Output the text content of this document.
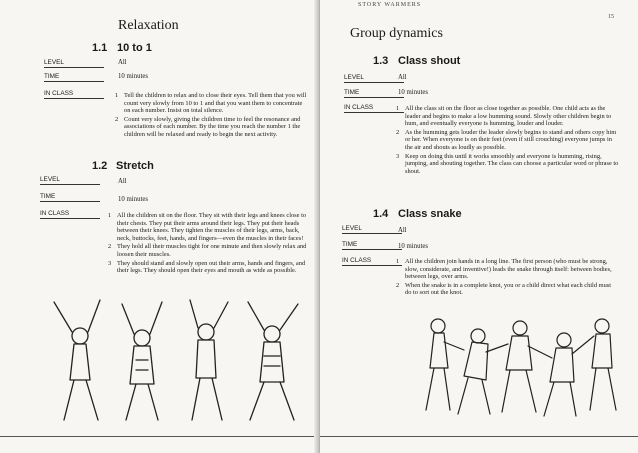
Relaxation
1.1 10 to 1
LEVEL	All
TIME	10 minutes
IN CLASS	1 Tell the children to relax and to close their eyes. Tell them that you will count very slowly from 10 to 1 and that you want them to concentrate on each number. Insist on total silence.
2 Count very slowly, giving the children time to feel the resonance and associations of each number. By the time you reach the number 1 the children will be relaxed and ready to begin the next activity.
1.2 Stretch
LEVEL	All
TIME	10 minutes
IN CLASS	1 All the children sit on the floor. They sit with their legs and knees close to their chests. They put their arms around their legs. They put their heads between their knees. They tighten the muscles of their legs, arms, back, neck, buttocks, feet, hands, and fingers—even the muscles in their faces!
2 They hold all their muscles tight for one minute and then slowly relax and loosen their muscles.
3 They should stand and slowly open out their arms, hands and fingers, and their legs. They should open their eyes and mouth as wide as possible.
STORY WARMERS
15
Group dynamics
1.3 Class shout
LEVEL	All
TIME	10 minutes
IN CLASS	1 All the class sit on the floor as close together as possible. One child acts as the leader and begins to make a low humming sound. Slowly other children begin to hum, and eventually everyone is humming, louder and louder.
2 As the humming gets louder the leader slowly begins to stand and others copy him or her. When everyone is on their feet (even if still crouching) everyone jumps in the air and shouts as loudly as possible.
3 Keep on doing this until it works smoothly and everyone is humming, rising, jumping, and shouting together. The class can choose a particular word or phrase to shout.
1.4 Class snake
LEVEL	All
TIME	10 minutes
IN CLASS	1 All the children join hands in a long line. The first person (who must be strong, slow, considerate, and inventive!) leads the snake through itself: between bodies, between legs, over arms.
2 When the snake is in a complete knot, you or a child direct what each child must do to sort out the knot.
